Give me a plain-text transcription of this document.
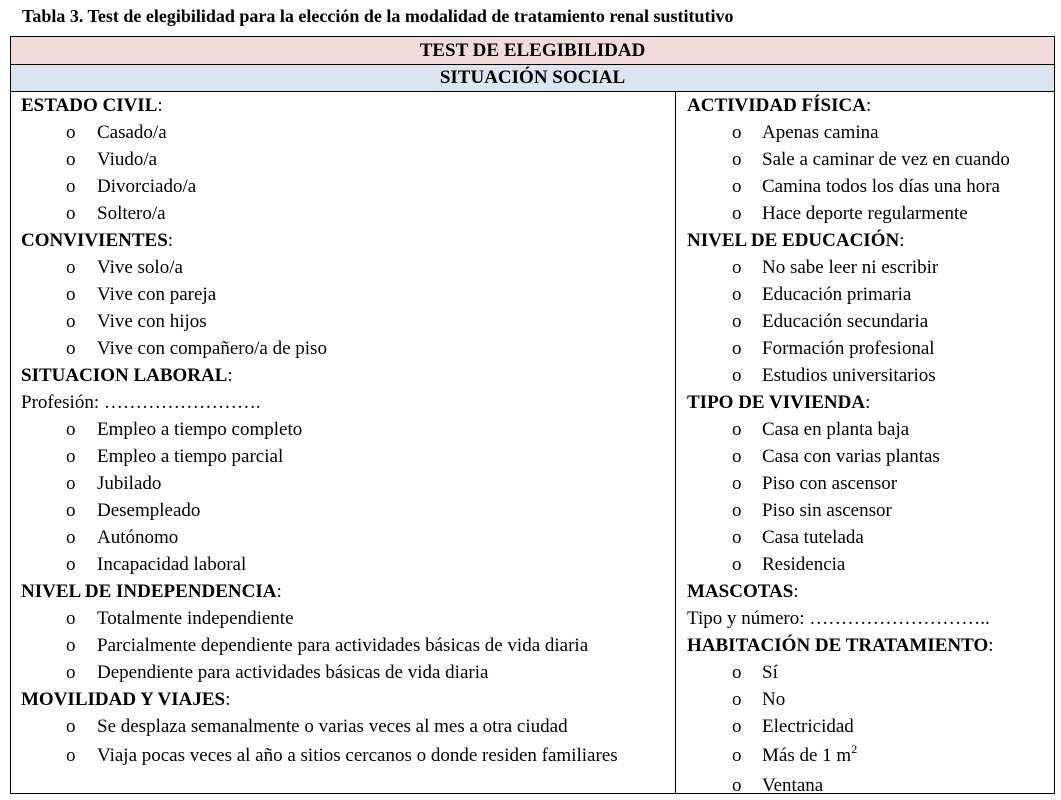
Tabla 3. Test de elegibilidad para la elección de la modalidad de tratamiento renal sustitutivo
TEST DE ELEGIBILIDAD
SITUACIÓN SOCIAL
ESTADO CIVIL:
o Casado/a
o Viudo/a
o Divorciado/a
o Soltero/a
CONVIVIENTES:
o Vive solo/a
o Vive con pareja
o Vive con hijos
o Vive con compañero/a de piso
SITUACION LABORAL:
Profesión: …………………….
o Empleo a tiempo completo
o Empleo a tiempo parcial
o Jubilado
o Desempleado
o Autónomo
o Incapacidad laboral
NIVEL DE INDEPENDENCIA:
o Totalmente independiente
o Parcialmente dependiente para actividades básicas de vida diaria
o Dependiente para actividades básicas de vida diaria
MOVILIDAD Y VIAJES:
o Se desplaza semanalmente o varias veces al mes a otra ciudad
o Viaja pocas veces al año a sitios cercanos o donde residen familiares
ACTIVIDAD FÍSICA:
o Apenas camina
o Sale a caminar de vez en cuando
o Camina todos los días una hora
o Hace deporte regularmente
NIVEL DE EDUCACIÓN:
o No sabe leer ni escribir
o Educación primaria
o Educación secundaria
o Formación profesional
o Estudios universitarios
TIPO DE VIVIENDA:
o Casa en planta baja
o Casa con varias plantas
o Piso con ascensor
o Piso sin ascensor
o Casa tutelada
o Residencia
MASCOTAS:
Tipo y número: ………………………..
HABITACIÓN DE TRATAMIENTO:
o Sí
o No
o Electricidad
o Más de 1 $m^2$
o Ventana
